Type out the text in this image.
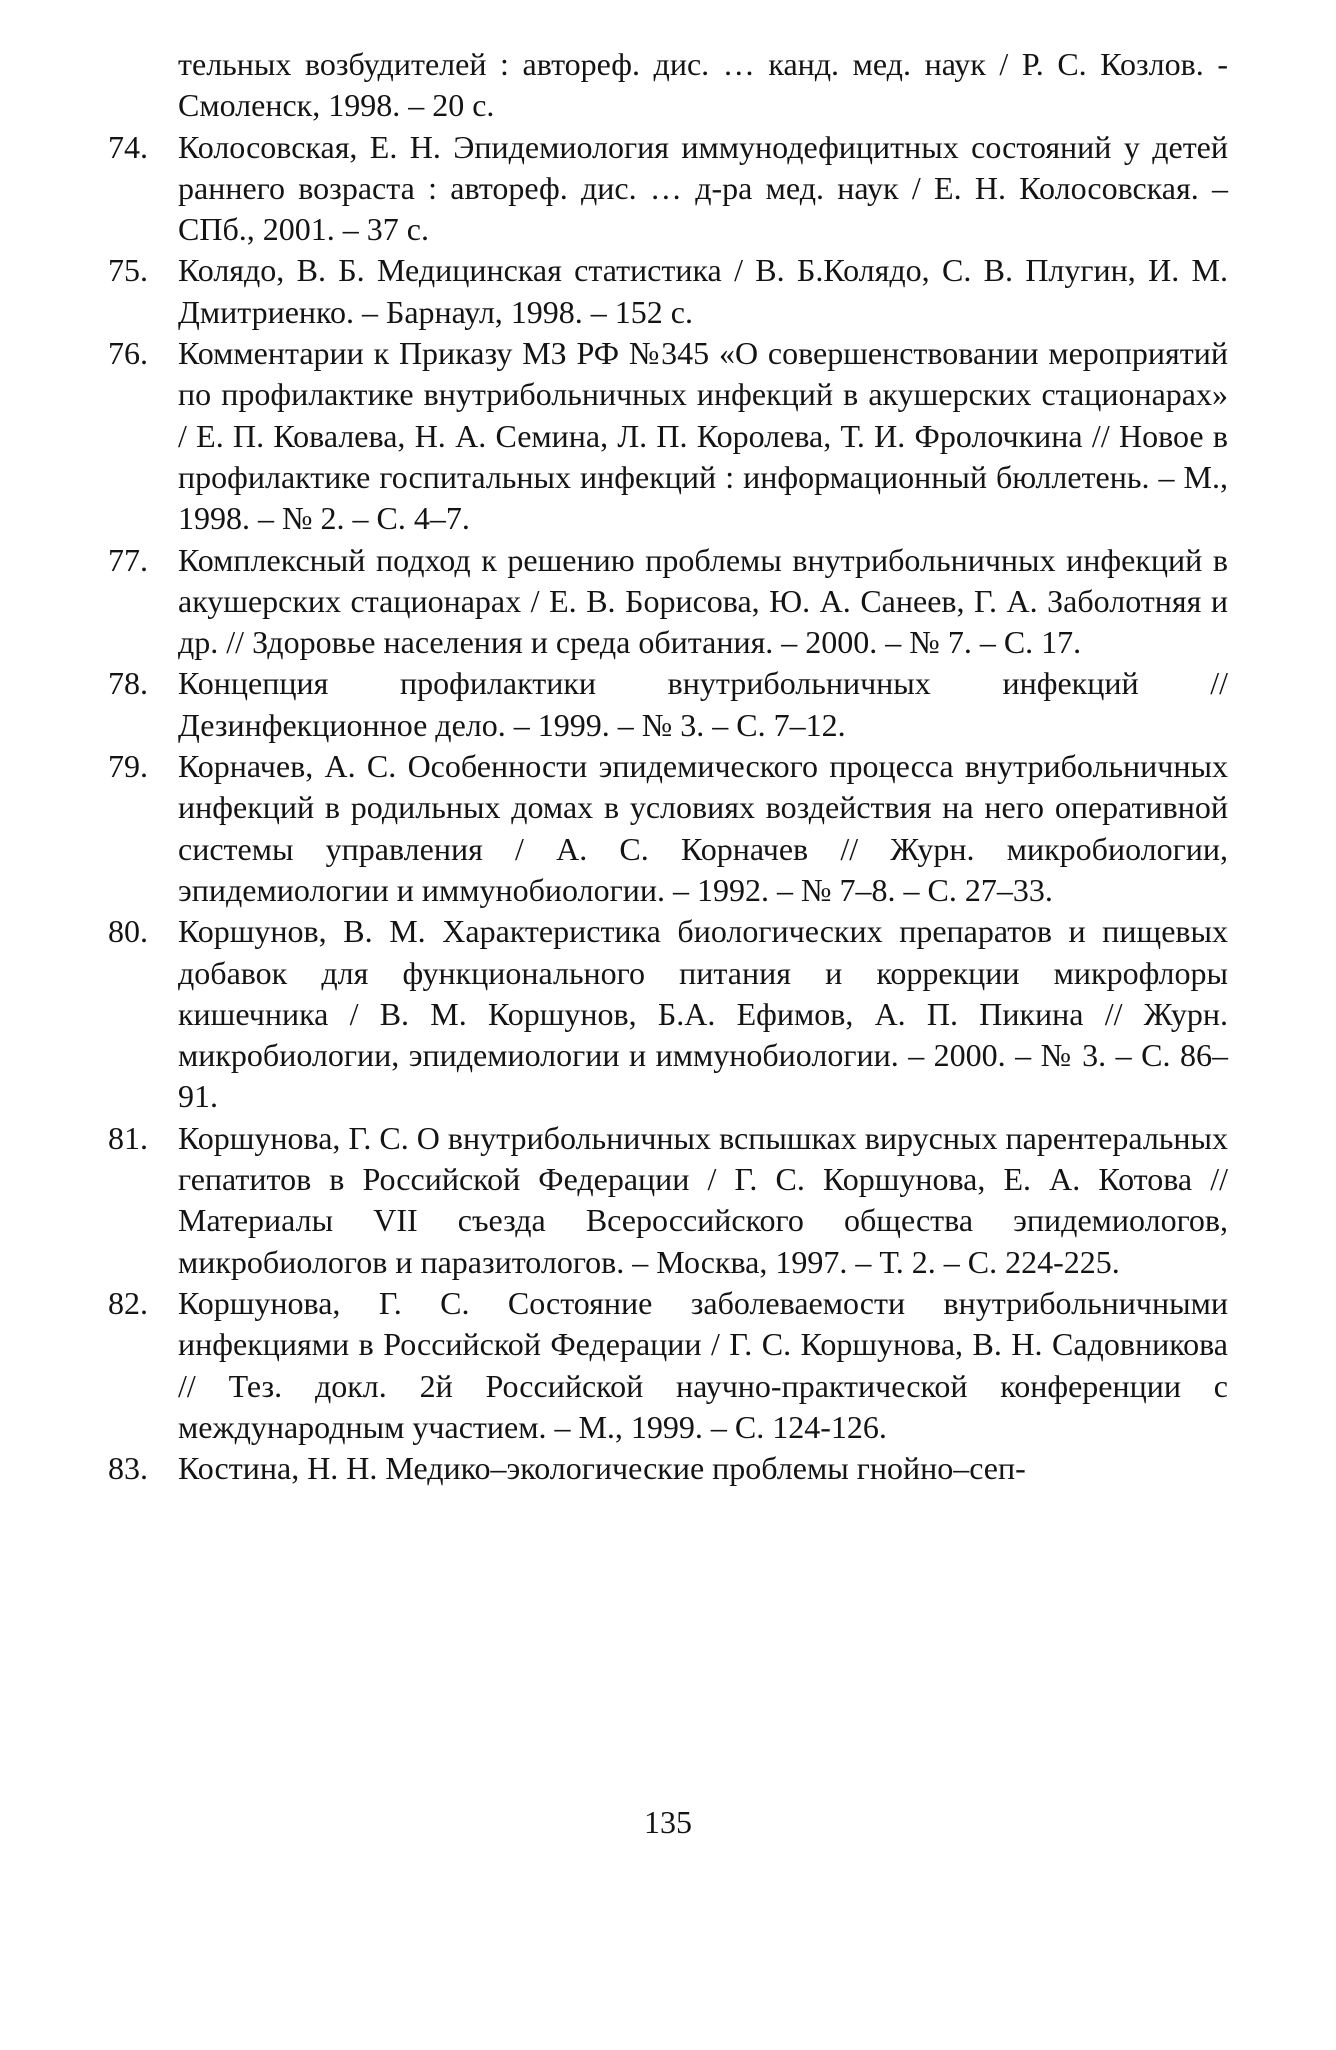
тельных возбудителей : автореф. дис. … канд. мед. наук / Р. С. Козлов. - Смоленск, 1998. – 20 с.
74. Колосовская, Е. Н. Эпидемиология иммунодефицитных состояний у детей раннего возраста : автореф. дис. … д-ра мед. наук / Е. Н. Колосовская. – СПб., 2001. – 37 с.
75. Колядо, В. Б. Медицинская статистика / В. Б.Колядо, С. В. Плугин, И. М. Дмитриенко. – Барнаул, 1998. – 152 с.
76. Комментарии к Приказу МЗ РФ №345 «О совершенствовании мероприятий по профилактике внутрибольничных инфекций в акушерских стационарах» / Е. П. Ковалева, Н. А. Семина, Л. П. Королева, Т. И. Фролочкина // Новое в профилактике госпитальных инфекций : информационный бюллетень. – М., 1998. – № 2. – С. 4–7.
77. Комплексный подход к решению проблемы внутрибольничных инфекций в акушерских стационарах / Е. В. Борисова, Ю. А. Санеев, Г. А. Заболотняя и др. // Здоровье населения и среда обитания. – 2000. – № 7. – С. 17.
78. Концепция профилактики внутрибольничных инфекций // Дезинфекционное дело. – 1999. – № 3. – С. 7–12.
79. Корначев, А. С. Особенности эпидемического процесса внутрибольничных инфекций в родильных домах в условиях воздействия на него оперативной системы управления / А. С. Корначев // Журн. микробиологии, эпидемиологии и иммунобиологии. – 1992. – № 7–8. – С. 27–33.
80. Коршунов, В. М. Характеристика биологических препаратов и пищевых добавок для функционального питания и коррекции микрофлоры кишечника / В. М. Коршунов, Б.А. Ефимов, А. П. Пикина // Журн. микробиологии, эпидемиологии и иммунобиологии. – 2000. – № 3. – С. 86–91.
81. Коршунова, Г. С. О внутрибольничных вспышках вирусных парентеральных гепатитов в Российской Федерации / Г. С. Коршунова, Е. А. Котова // Материалы VII съезда Всероссийского общества эпидемиологов, микробиологов и паразитологов. – Москва, 1997. – Т. 2. – С. 224-225.
82. Коршунова, Г. С. Состояние заболеваемости внутрибольничными инфекциями в Российской Федерации / Г. С. Коршунова, В. Н. Садовникова // Тез. докл. 2й Российской научно-практической конференции с международным участием. – М., 1999. – С. 124-126.
83. Костина, Н. Н. Медико–экологические проблемы гнойно–сеп-
135
